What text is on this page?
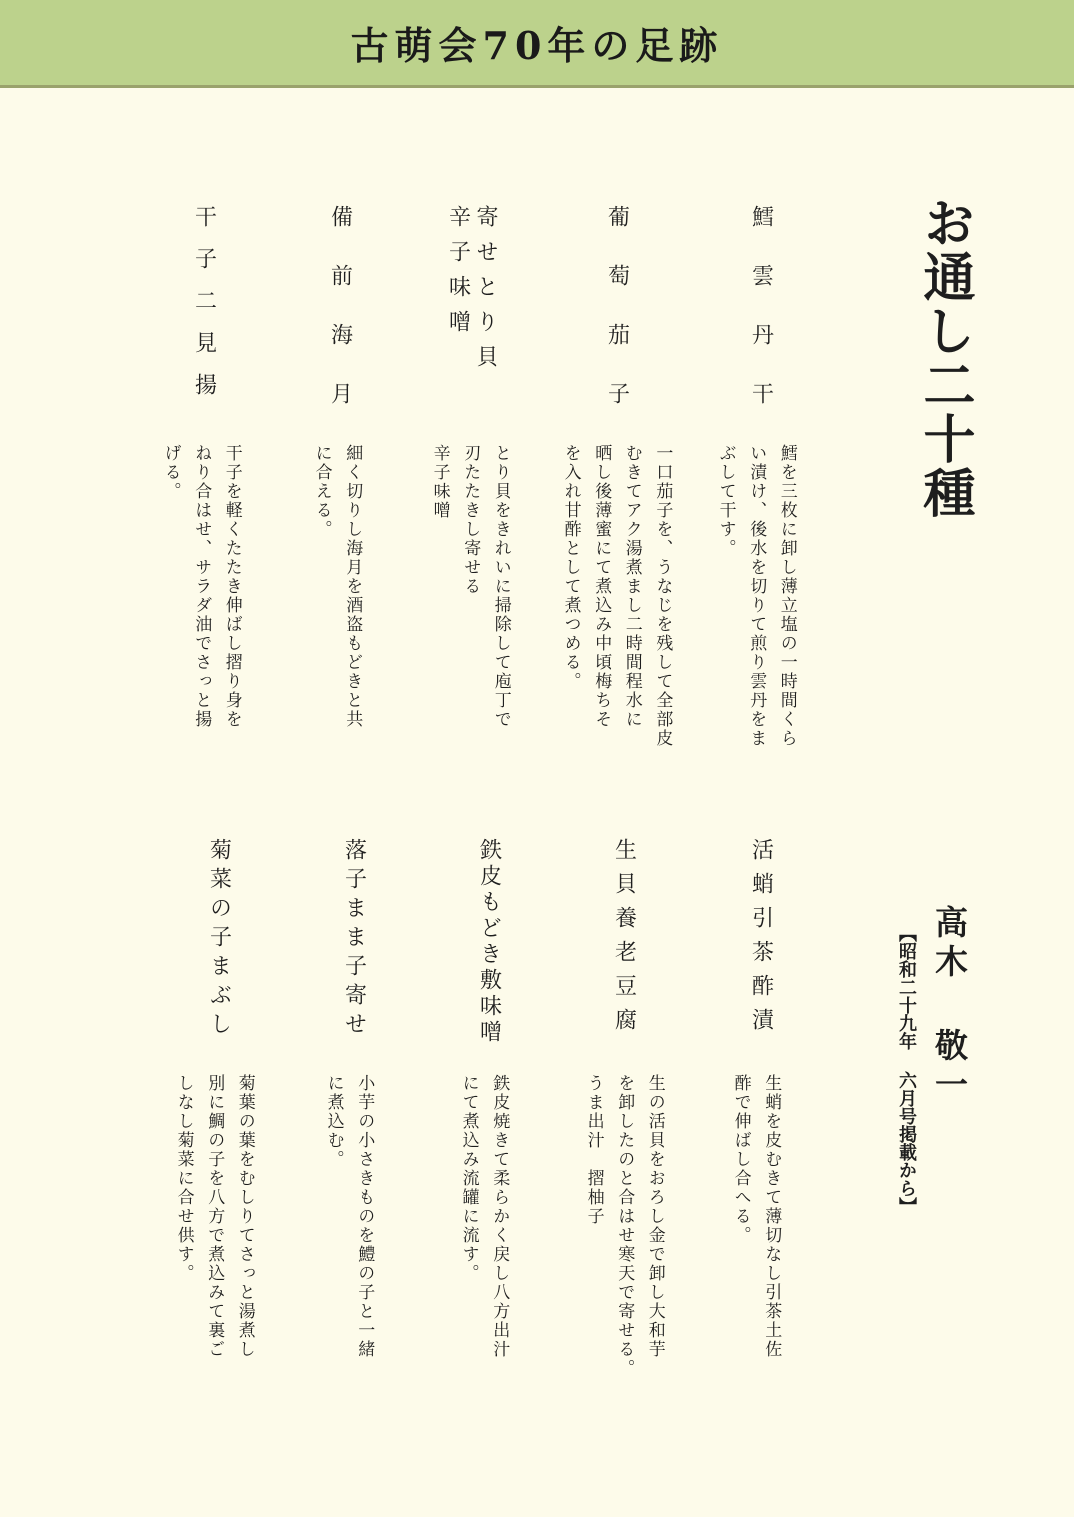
古萌会70年の足跡
お通し二十種
高木 敬一
【昭和二十九年 六月号掲載から】
鱈雲丹干
鱈を三枚に卸し薄立塩の一時間くら
い漬け、後水を切りて煎り雲丹をま
ぶして干す。
葡萄茄子
一口茄子を、うなじを残して全部皮
むきてアク湯煮まし二時間程水に
晒し後薄蜜にて煮込み中頃梅ちそ
を入れ甘酢として煮つめる。
寄せとり貝
辛子味噌
とり貝をきれいに掃除して庖丁で
刃たたきし寄せる
辛子味噌
備前海月
細く切りし海月を酒盗もどきと共
に合える。
干子二見揚
干子を軽くたたき伸ばし摺り身を
ねり合はせ、サラダ油でさっと揚
げる。
活蛸引茶酢漬
生蛸を皮むきて薄切なし引茶土佐
酢で伸ばし合へる。
生貝養老豆腐
生の活貝をおろし金で卸し大和芋
を卸したのと合はせ寒天で寄せる。
うま出汁　摺柚子
鉄皮もどき敷味噌
鉄皮焼きて柔らかく戻し八方出汁
にて煮込み流罐に流す。
落子まま子寄せ
小芋の小さきものを鱧の子と一緒
に煮込む。
菊菜の子まぶし
菊葉の葉をむしりてさっと湯煮し
別に鯛の子を八方で煮込みて裏ご
しなし菊菜に合せ供す。
